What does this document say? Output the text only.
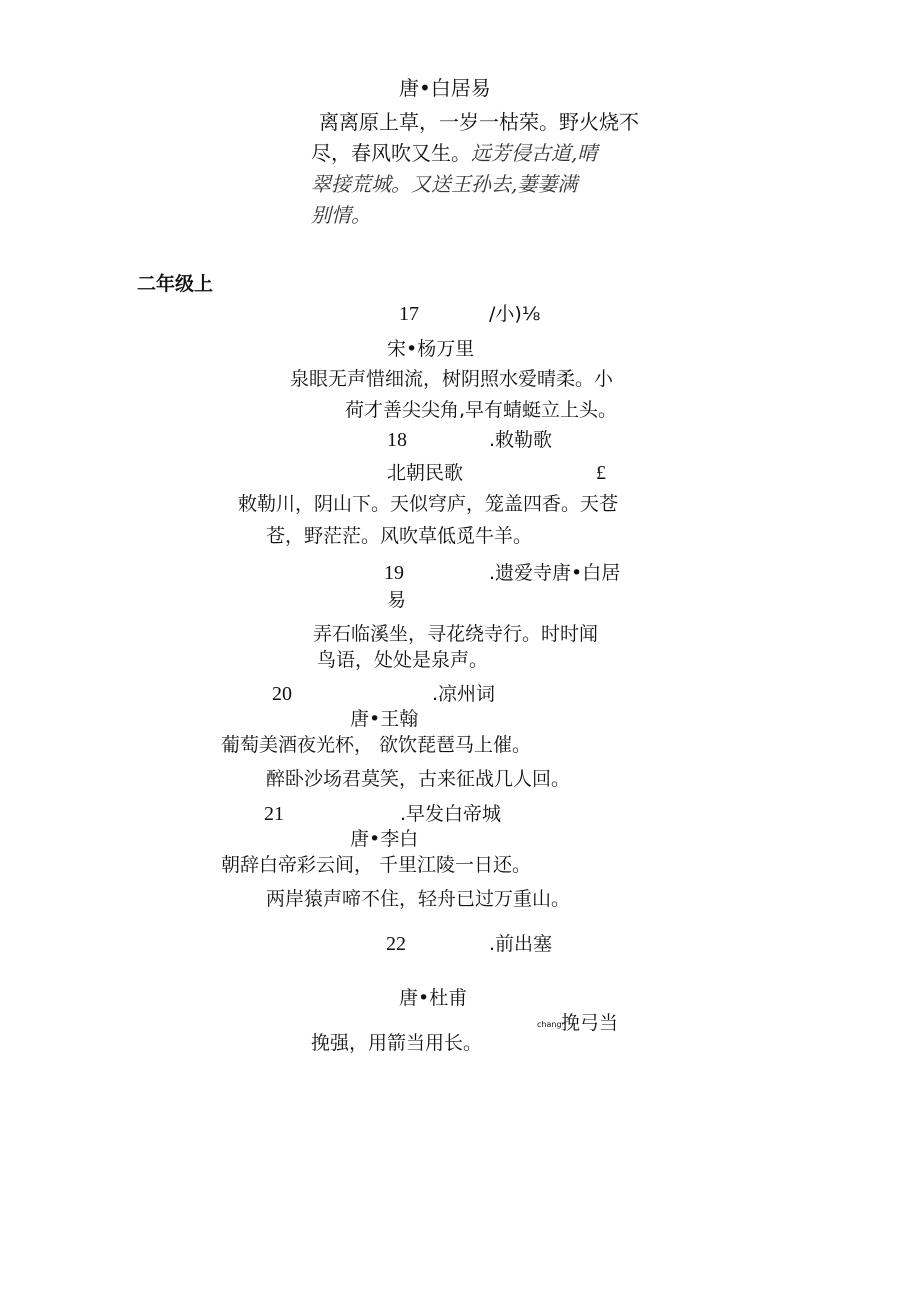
唐•白居易
离离原上草，一岁一枯荣。野火烧不
尽，春风吹又生。远芳侵古道,晴
翠接荒城。又送王孙去,萋萋满
别情。
二年级上
17	/小)⅛
宋•杨万里
泉眼无声惜细流，树阴照水爱晴柔。小
荷才善尖尖角,早有蜻蜓立上头。
18	.敕勒歌
北朝民歌	£
敕勒川，阴山下。天似穹庐，笼盖四香。天苍
苍，野茫茫。风吹草低觅牛羊。
19	.遗爱寺唐•白居
易
弄石临溪坐，寻花绕寺行。时时闻
鸟语，处处是泉声。
20	.凉州词
唐•王翰
葡萄美酒夜光杯， 欲饮琵琶马上催。
醉卧沙场君莫笑，古来征战几人回。
21	.早发白帝城
唐•李白
朝辞白帝彩云间， 千里江陵一日还。
两岸猿声啼不住，轻舟已过万重山。
22	.前出塞
唐•杜甫
chang 挽弓当
挽强，用箭当用长。
